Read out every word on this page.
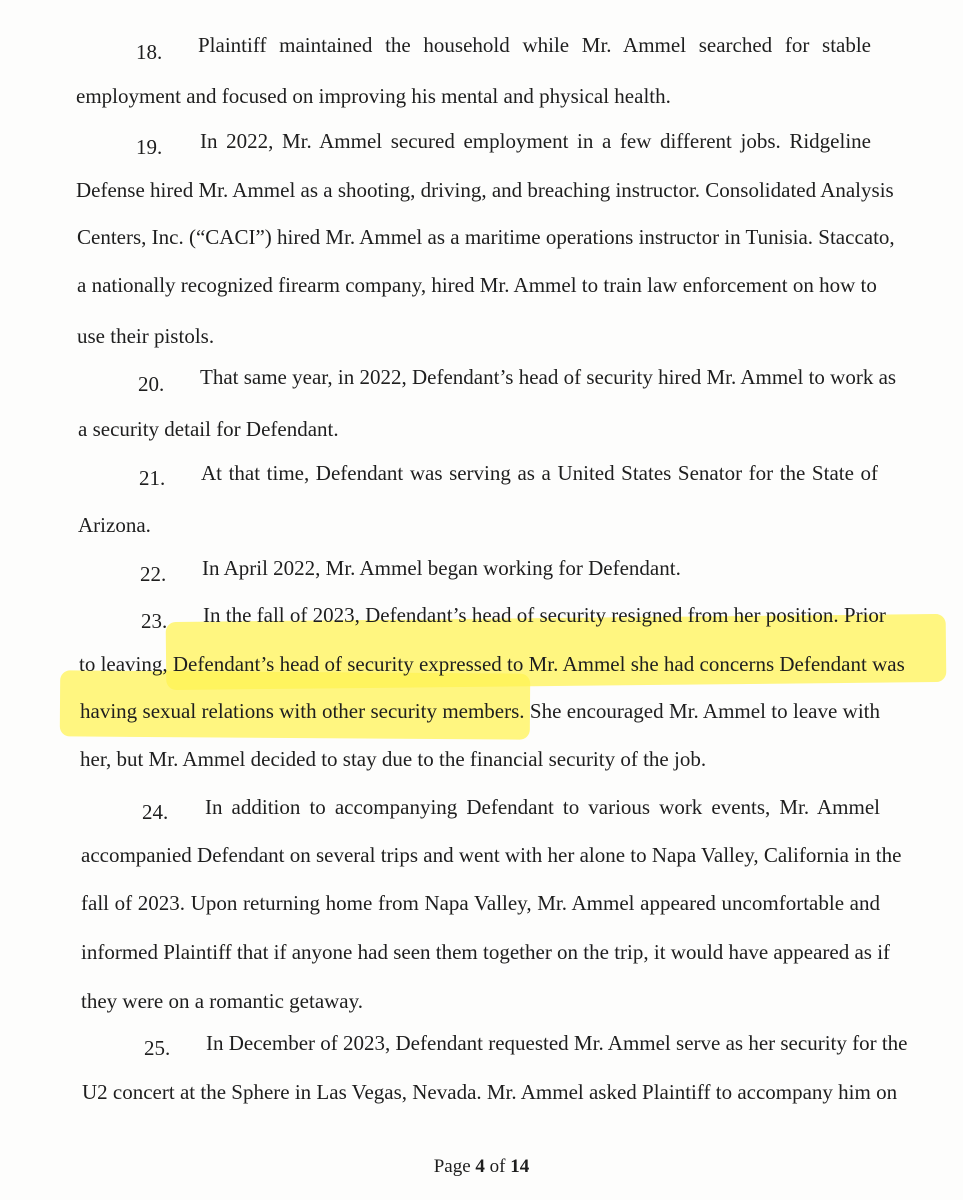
18. Plaintiff maintained the household while Mr. Ammel searched for stable
employment and focused on improving his mental and physical health.
19. In 2022, Mr. Ammel secured employment in a few different jobs. Ridgeline
Defense hired Mr. Ammel as a shooting, driving, and breaching instructor. Consolidated Analysis
Centers, Inc. (“CACI”) hired Mr. Ammel as a maritime operations instructor in Tunisia. Staccato,
a nationally recognized firearm company, hired Mr. Ammel to train law enforcement on how to
use their pistols.
20. That same year, in 2022, Defendant’s head of security hired Mr. Ammel to work as
a security detail for Defendant.
21. At that time, Defendant was serving as a United States Senator for the State of
Arizona.
22. In April 2022, Mr. Ammel began working for Defendant.
23. In the fall of 2023, Defendant’s head of security resigned from her position. Prior
to leaving, Defendant’s head of security expressed to Mr. Ammel she had concerns Defendant was
having sexual relations with other security members. She encouraged Mr. Ammel to leave with
her, but Mr. Ammel decided to stay due to the financial security of the job.
24. In addition to accompanying Defendant to various work events, Mr. Ammel
accompanied Defendant on several trips and went with her alone to Napa Valley, California in the
fall of 2023. Upon returning home from Napa Valley, Mr. Ammel appeared uncomfortable and
informed Plaintiff that if anyone had seen them together on the trip, it would have appeared as if
they were on a romantic getaway.
25. In December of 2023, Defendant requested Mr. Ammel serve as her security for the
U2 concert at the Sphere in Las Vegas, Nevada. Mr. Ammel asked Plaintiff to accompany him on
Page 4 of 14
